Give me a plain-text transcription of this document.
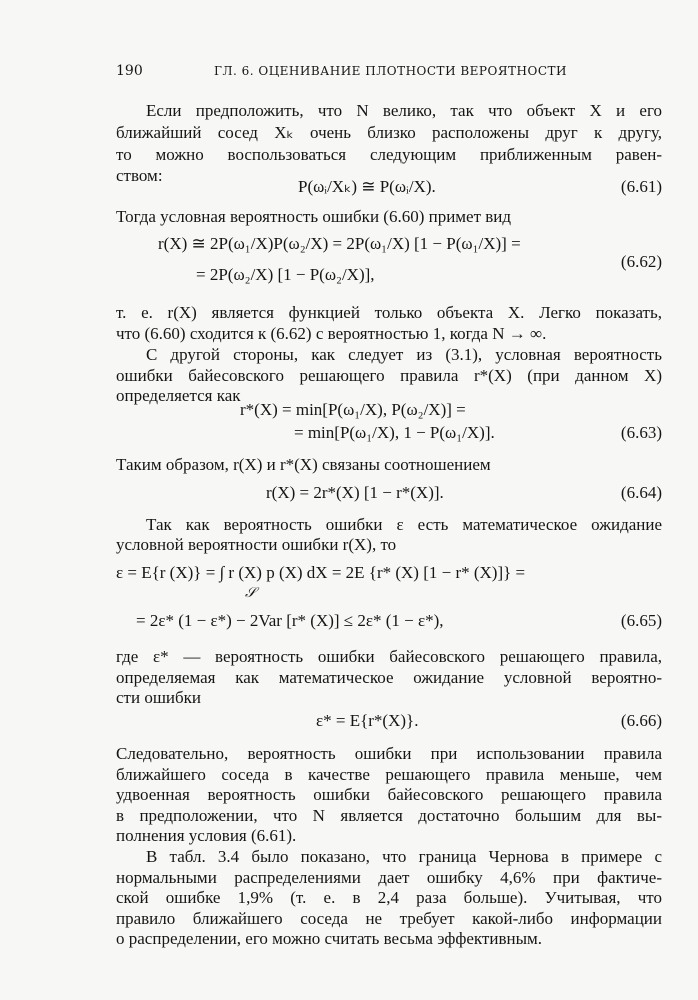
190	ГЛ. 6. ОЦЕНИВАНИЕ ПЛОТНОСТИ ВЕРОЯТНОСТИ
Если предположить, что N велико, так что объект X и его
ближайший сосед Xₖ очень близко расположены друг к другу,
то можно воспользоваться следующим приближенным равен-
ством:
P(ωᵢ/Xₖ) ≅ P(ωᵢ/X).	(6.61)
Тогда условная вероятность ошибки (6.60) примет вид
r(X) ≅ 2P(ω₁/X)P(ω₂/X) = 2P(ω₁/X) [1 − P(ω₁/X)] =
= 2P(ω₂/X) [1 − P(ω₂/X)],
(6.62)
т. е. r(X) является функцией только объекта X. Легко показать,
что (6.60) сходится к (6.62) с вероятностью 1, когда N → ∞.
С другой стороны, как следует из (3.1), условная вероятность
ошибки байесовского решающего правила r*(X) (при данном X)
определяется как
r*(X) = min[P(ω₁/X), P(ω₂/X)] =
= min[P(ω₁/X), 1 − P(ω₁/X)].	(6.63)
Таким образом, r(X) и r*(X) связаны соотношением
r(X) = 2r*(X) [1 − r*(X)].	(6.64)
Так как вероятность ошибки ε есть математическое ожидание
условной вероятности ошибки r(X), то
ε = E{r (X)} = ∫ r (X) p (X) dX = 2E {r* (X) [1 − r* (X)]} =
𝒮
= 2ε* (1 − ε*) − 2Var [r* (X)] ≤ 2ε* (1 − ε*),	(6.65)
где ε* — вероятность ошибки байесовского решающего правила,
определяемая как математическое ожидание условной вероятно-
сти ошибки
ε* = E{r*(X)}.	(6.66)
Следовательно, вероятность ошибки при использовании правила
ближайшего соседа в качестве решающего правила меньше, чем
удвоенная вероятность ошибки байесовского решающего правила
в предположении, что N является достаточно большим для вы-
полнения условия (6.61).
В табл. 3.4 было показано, что граница Чернова в примере с
нормальными распределениями дает ошибку 4,6% при фактиче-
ской ошибке 1,9% (т. е. в 2,4 раза больше). Учитывая, что
правило ближайшего соседа не требует какой-либо информации
о распределении, его можно считать весьма эффективным.
